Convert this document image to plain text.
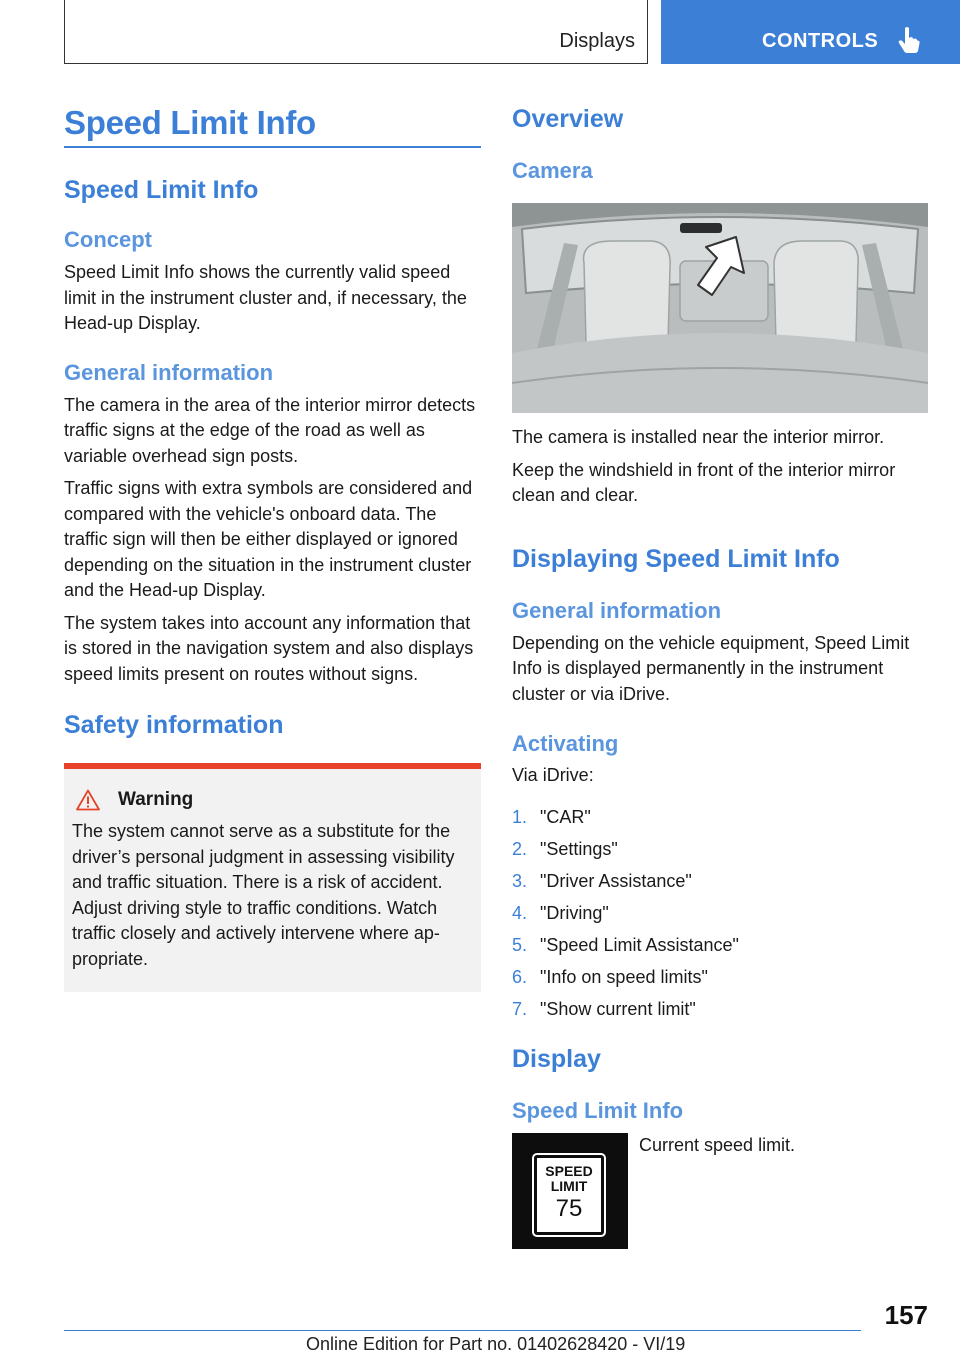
Displays	CONTROLS
Speed Limit Info
Speed Limit Info
Concept

Speed Limit Info shows the currently valid speed limit in the instrument cluster and, if necessary, the Head-up Display.

General information

The camera in the area of the interior mirror detects traffic signs at the edge of the road as well as variable overhead sign posts.

Traffic signs with extra symbols are considered and compared with the vehicle's onboard data. The traffic sign will then be either displayed or ignored depending on the situation in the instrument cluster and the Head-up Display.

The system takes into account any information that is stored in the navigation system and also displays speed limits present on routes without signs.

Safety information
Warning

The system cannot serve as a substitute for the driver’s personal judgment in assessing visibility and traffic situation. There is a risk of accident. Adjust driving style to traffic conditions. Watch traffic closely and actively intervene where appropriate.

Overview
Camera

The camera is installed near the interior mirror.

Keep the windshield in front of the interior mirror clean and clear.

Displaying Speed Limit Info
General information

Depending on the vehicle equipment, Speed Limit Info is displayed permanently in the instrument cluster or via iDrive.

Activating

Via iDrive:

1. "CAR"
2. "Settings"
3. "Driver Assistance"
4. "Driving"
5. "Speed Limit Assistance"
6. "Info on speed limits"
7. "Show current limit"
Display
Speed Limit Info
SPEED
LIMIT
75

Current speed limit.

157
Online Edition for Part no. 01402628420 - VI/19
